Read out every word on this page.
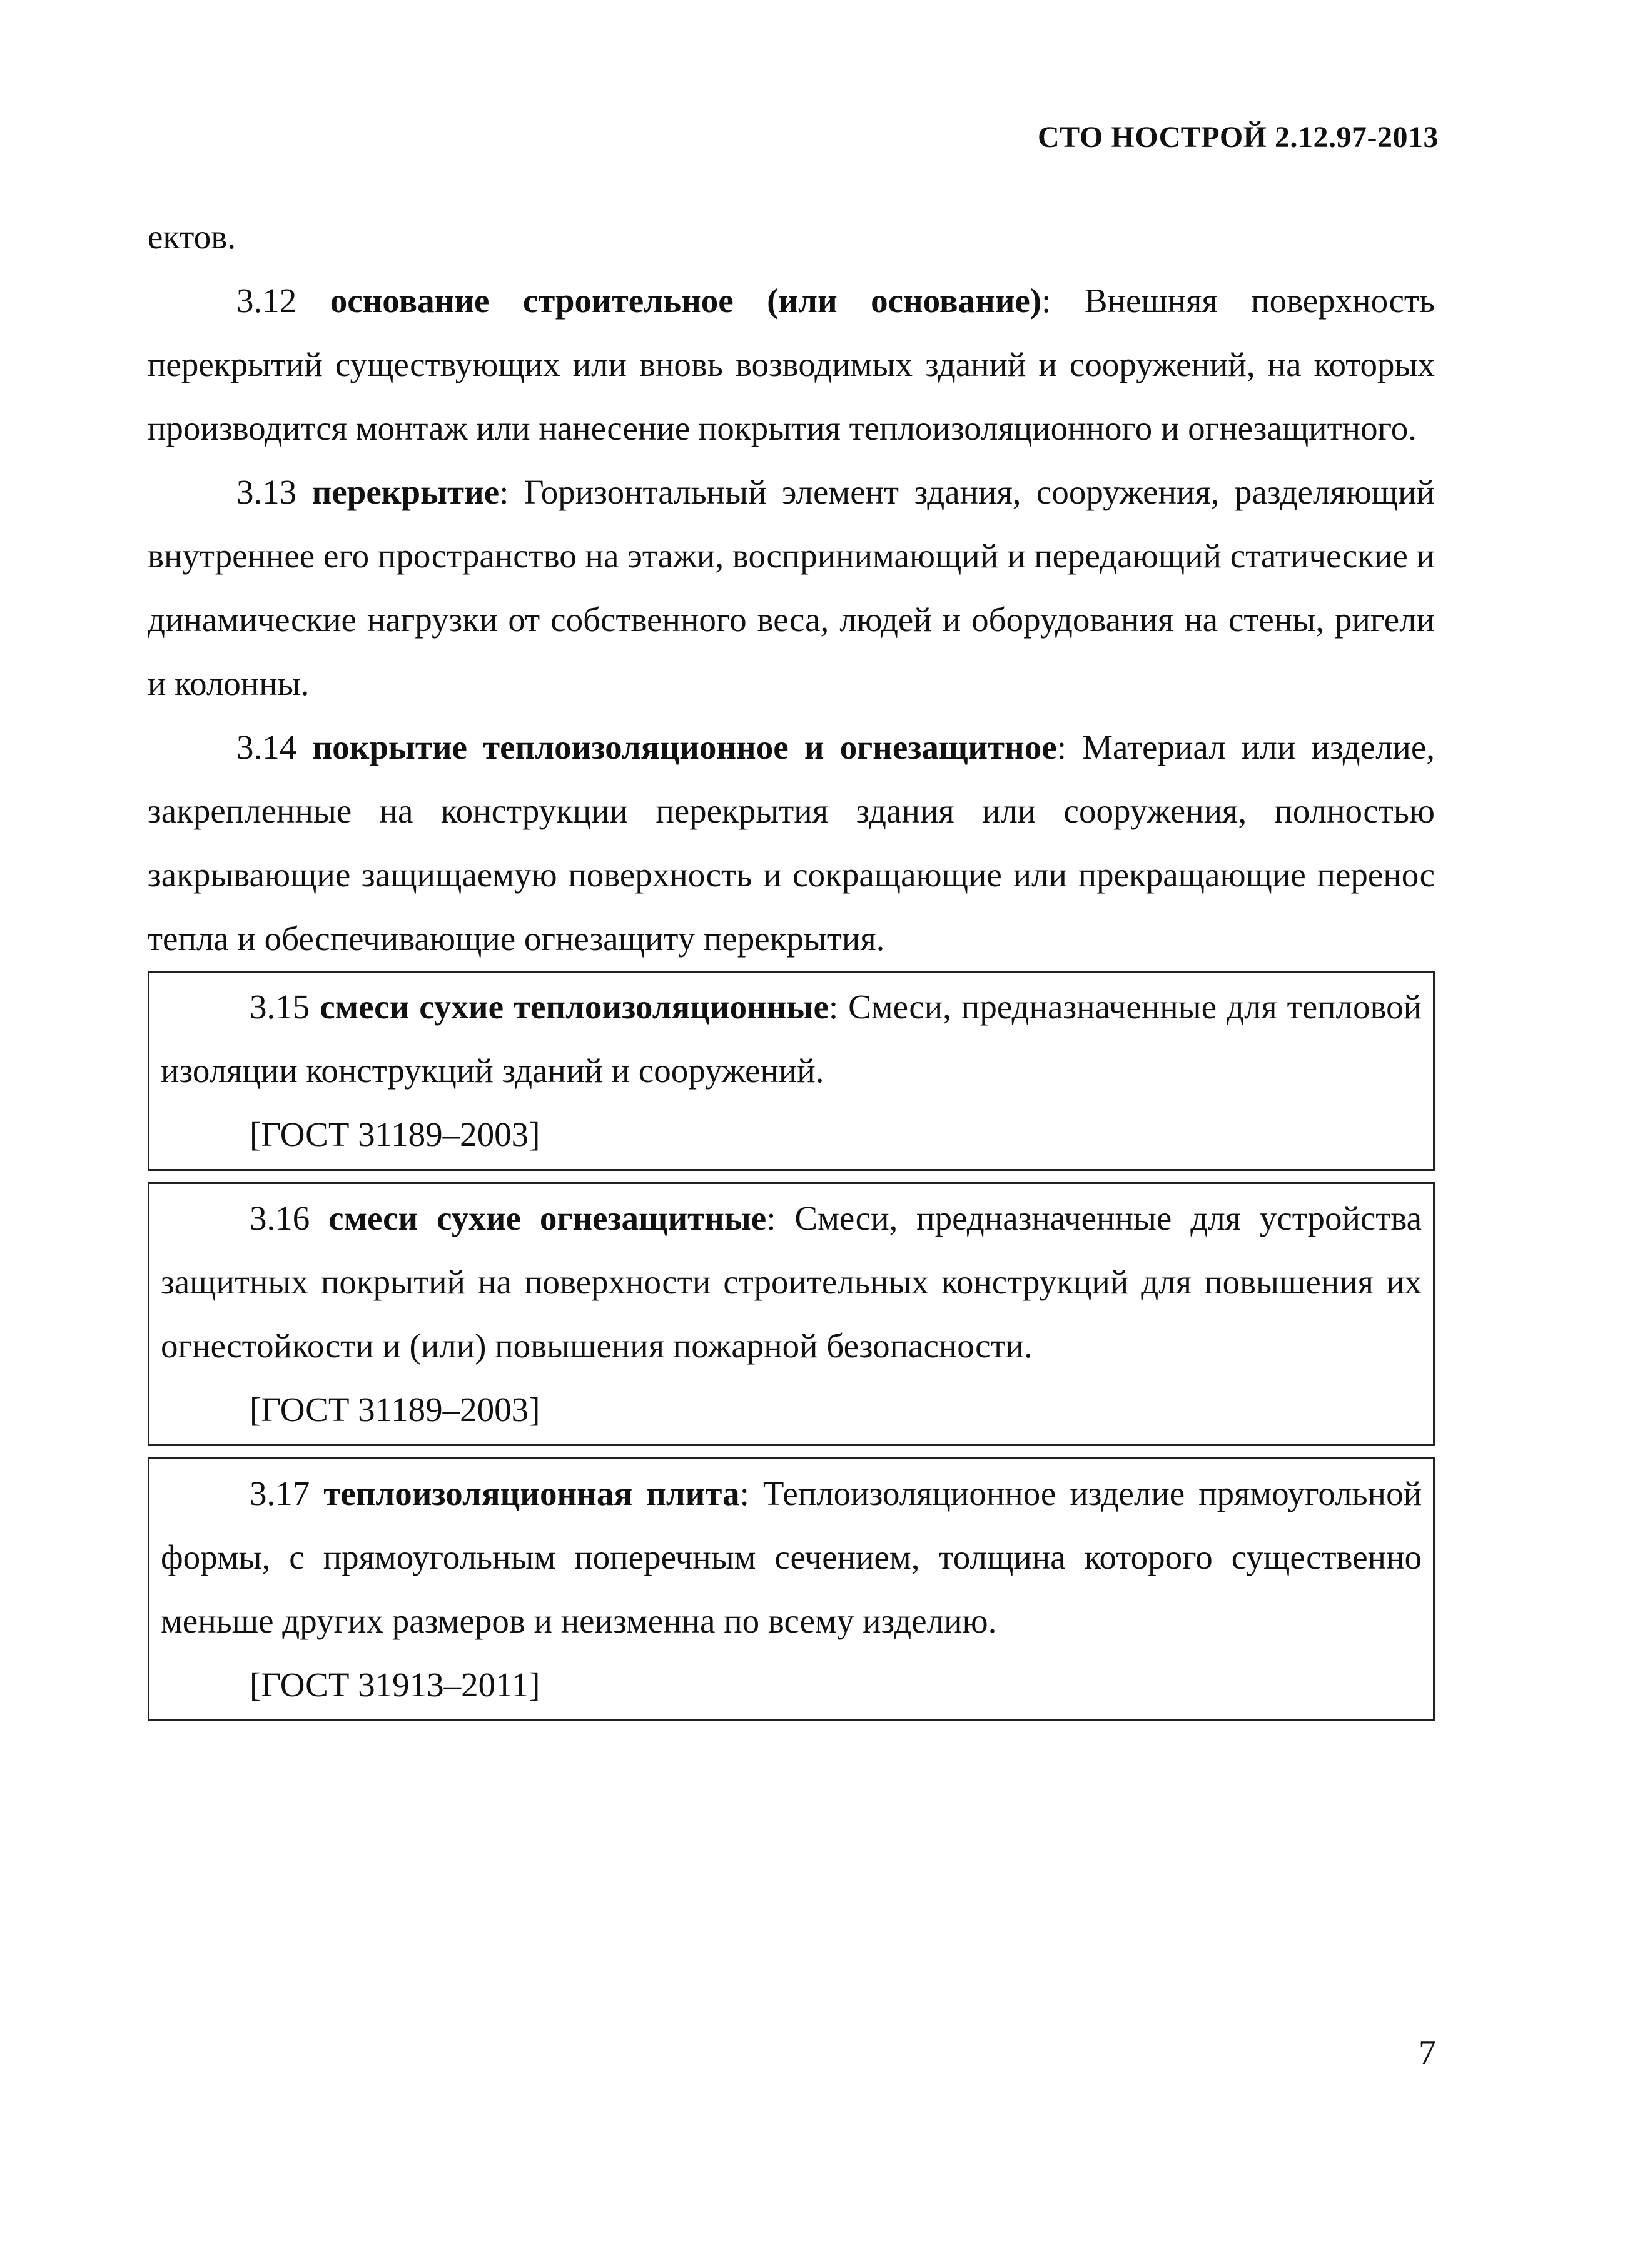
СТО НОСТРОЙ 2.12.97-2013

ектов.

3.12 основание строительное (или основание): Внешняя поверхность перекрытий существующих или вновь возводимых зданий и сооружений, на которых производится монтаж или нанесение покрытия теплоизоляционного и огнезащитного.

3.13 перекрытие: Горизонтальный элемент здания, сооружения, разделяющий внутреннее его пространство на этажи, воспринимающий и передающий статические и динамические нагрузки от собственного веса, людей и оборудования на стены, ригели и колонны.

3.14 покрытие теплоизоляционное и огнезащитное: Материал или изделие, закрепленные на конструкции перекрытия здания или сооружения, полностью закрывающие защищаемую поверхность и сокращающие или прекращающие перенос тепла и обеспечивающие огнезащиту перекрытия.

3.15 смеси сухие теплоизоляционные: Смеси, предназначенные для тепловой изоляции конструкций зданий и сооружений.

[ГОСТ 31189–2003]

3.16 смеси сухие огнезащитные: Смеси, предназначенные для устройства защитных покрытий на поверхности строительных конструкций для повышения их огнестойкости и (или) повышения пожарной безопасности.

[ГОСТ 31189–2003]

3.17 теплоизоляционная плита: Теплоизоляционное изделие прямоугольной формы, с прямоугольным поперечным сечением, толщина которого существенно меньше других размеров и неизменна по всему изделию.

[ГОСТ 31913–2011]

7
